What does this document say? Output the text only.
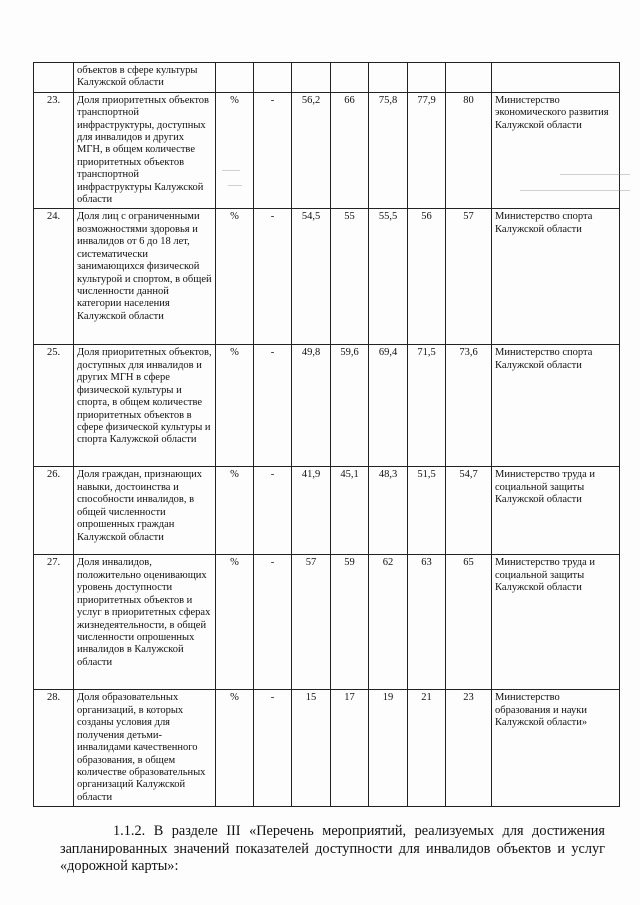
	объектов в сфере культуры Калужской области								
23.	Доля приоритетных объектов транспортной инфраструктуры, доступных для инвалидов и других МГН, в общем количестве приоритетных объектов транспортной инфраструктуры Калужской области	%	-	56,2	66	75,8	77,9	80	Министерство экономического развития Калужской области
24.	Доля лиц с ограниченными возможностями здоровья и инвалидов от 6 до 18 лет, систематически занимающихся физической культурой и спортом, в общей численности данной категории населения Калужской области	%	-	54,5	55	55,5	56	57	Министерство спорта Калужской области
25.	Доля приоритетных объектов, доступных для инвалидов и других МГН в сфере физической культуры и спорта, в общем количестве приоритетных объектов в сфере физической культуры и спорта Калужской области	%	-	49,8	59,6	69,4	71,5	73,6	Министерство спорта Калужской области
26.	Доля граждан, признающих навыки, достоинства и способности инвалидов, в общей численности опрошенных граждан Калужской области	%	-	41,9	45,1	48,3	51,5	54,7	Министерство труда и социальной защиты Калужской области
27.	Доля инвалидов, положительно оценивающих уровень доступности приоритетных объектов и услуг в приоритетных сферах жизнедеятельности, в общей численности опрошенных инвалидов в Калужской области	%	-	57	59	62	63	65	Министерство труда и социальной защиты Калужской области
28.	Доля образовательных организаций, в которых созданы условия для получения детьми-инвалидами качественного образования, в общем количестве образовательных организаций Калужской области	%	-	15	17	19	21	23	Министерство образования и науки Калужской области»
1.1.2. В разделе III «Перечень мероприятий, реализуемых для достижения
запланированных значений показателей доступности для инвалидов объектов и услуг «дорожной карты»:
